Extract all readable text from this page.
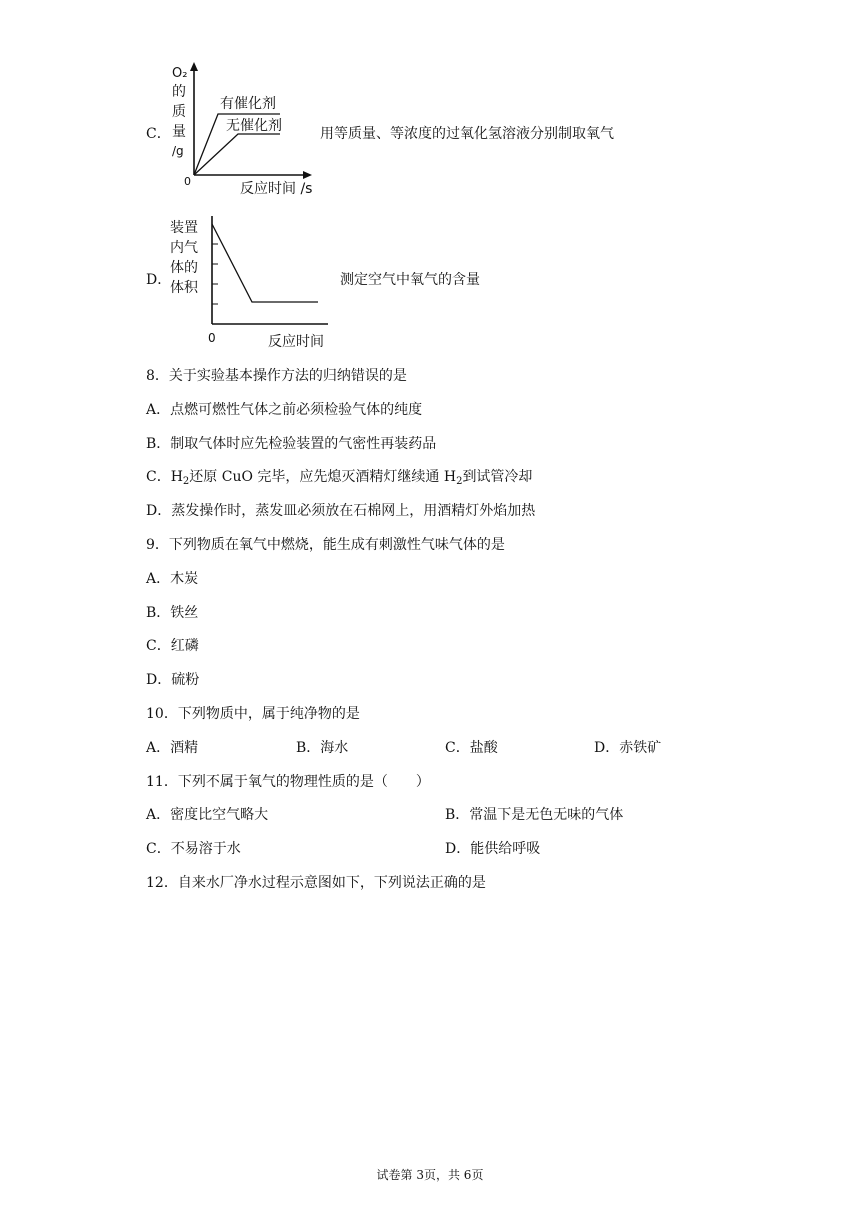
C．
O₂
的
质
量
/g
0	反应时间 /s
有催化剂
无催化剂	用等质量、等浓度的过氧化氢溶液分别制取氧气
D．
装置
内气
体的
体积
0	反应时间
测定空气中氧气的含量
8．关于实验基本操作方法的归纳错误的是
A．点燃可燃性气体之前必须检验气体的纯度
B．制取气体时应先检验装置的气密性再装药品
C．$H_2$还原 CuO 完毕，应先熄灭酒精灯继续通 $H_2$到试管冷却
D．蒸发操作时，蒸发皿必须放在石棉网上，用酒精灯外焰加热
9．下列物质在氧气中燃烧，能生成有刺激性气味气体的是
A．木炭
B．铁丝
C．红磷
D．硫粉
10．下列物质中，属于纯净物的是
A．酒精	B．海水	C．盐酸	D．赤铁矿
11．下列不属于氧气的物理性质的是（　　）
A．密度比空气略大	B．常温下是无色无味的气体
C．不易溶于水	D．能供给呼吸
12．自来水厂净水过程示意图如下，下列说法正确的是
试卷第 3页，共 6页
